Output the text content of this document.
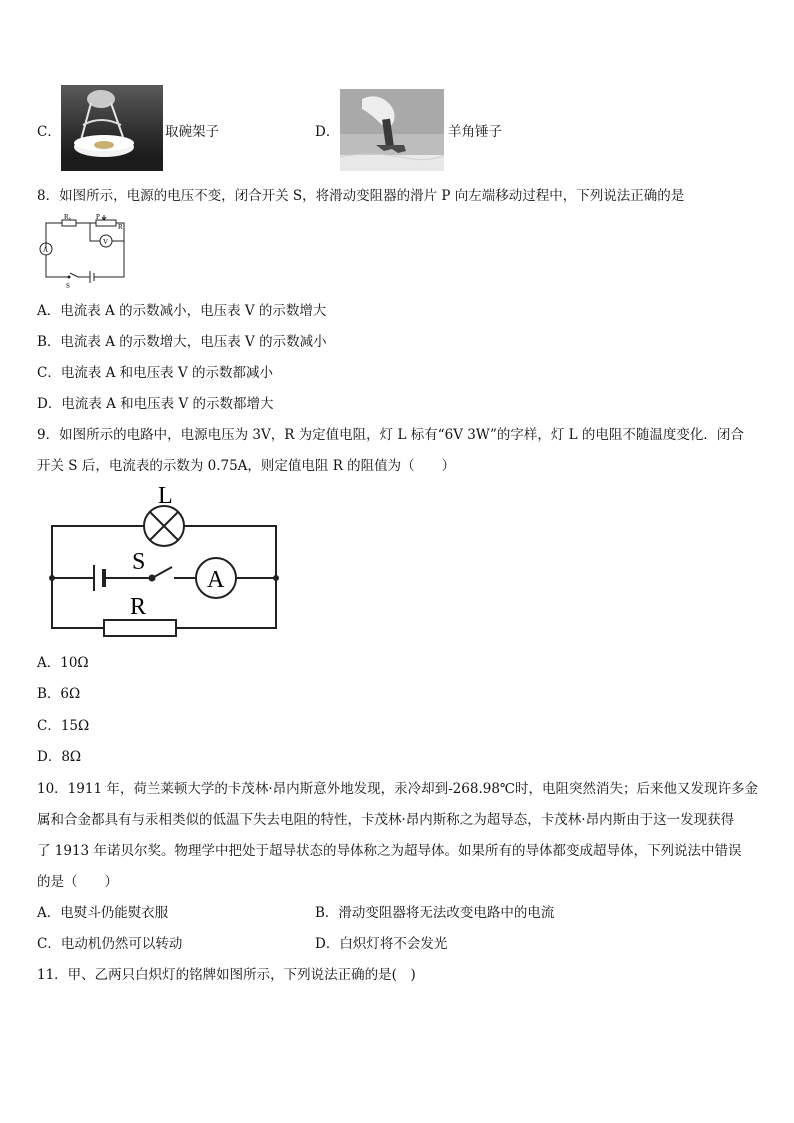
C．	取碗架子	D．	羊角锤子
8．如图所示，电源的电压不变，闭合开关 S，将滑动变阻器的滑片 P 向左端移动过程中，下列说法正确的是
R₀	P
R
A
V
S
A．电流表 A 的示数减小，电压表 V 的示数增大
B．电流表 A 的示数增大，电压表 V 的示数减小
C．电流表 A 和电压表 V 的示数都减小
D．电流表 A 和电压表 V 的示数都增大
9．如图所示的电路中，电源电压为 3V，R 为定值电阻，灯 L 标有“6V 3W”的字样，灯 L 的电阻不随温度变化．闭合
开关 S 后，电流表的示数为 0.75A，则定值电阻 R 的阻值为（　　）
L
S
A
R
A．10Ω
B．6Ω
C．15Ω
D．8Ω
10．1911 年，荷兰莱顿大学的卡茂林·昂内斯意外地发现，汞冷却到-268.98℃时，电阻突然消失；后来他又发现许多金
属和合金都具有与汞相类似的低温下失去电阻的特性，卡茂林·昂内斯称之为超导态，卡茂林·昂内斯由于这一发现获得
了 1913 年诺贝尔奖。物理学中把处于超导状态的导体称之为超导体。如果所有的导体都变成超导体，下列说法中错误
的是（　　）
A．电熨斗仍能熨衣服	B．滑动变阻器将无法改变电路中的电流
C．电动机仍然可以转动	D．白炽灯将不会发光
11．甲、乙两只白炽灯的铭牌如图所示，下列说法正确的是(　)
